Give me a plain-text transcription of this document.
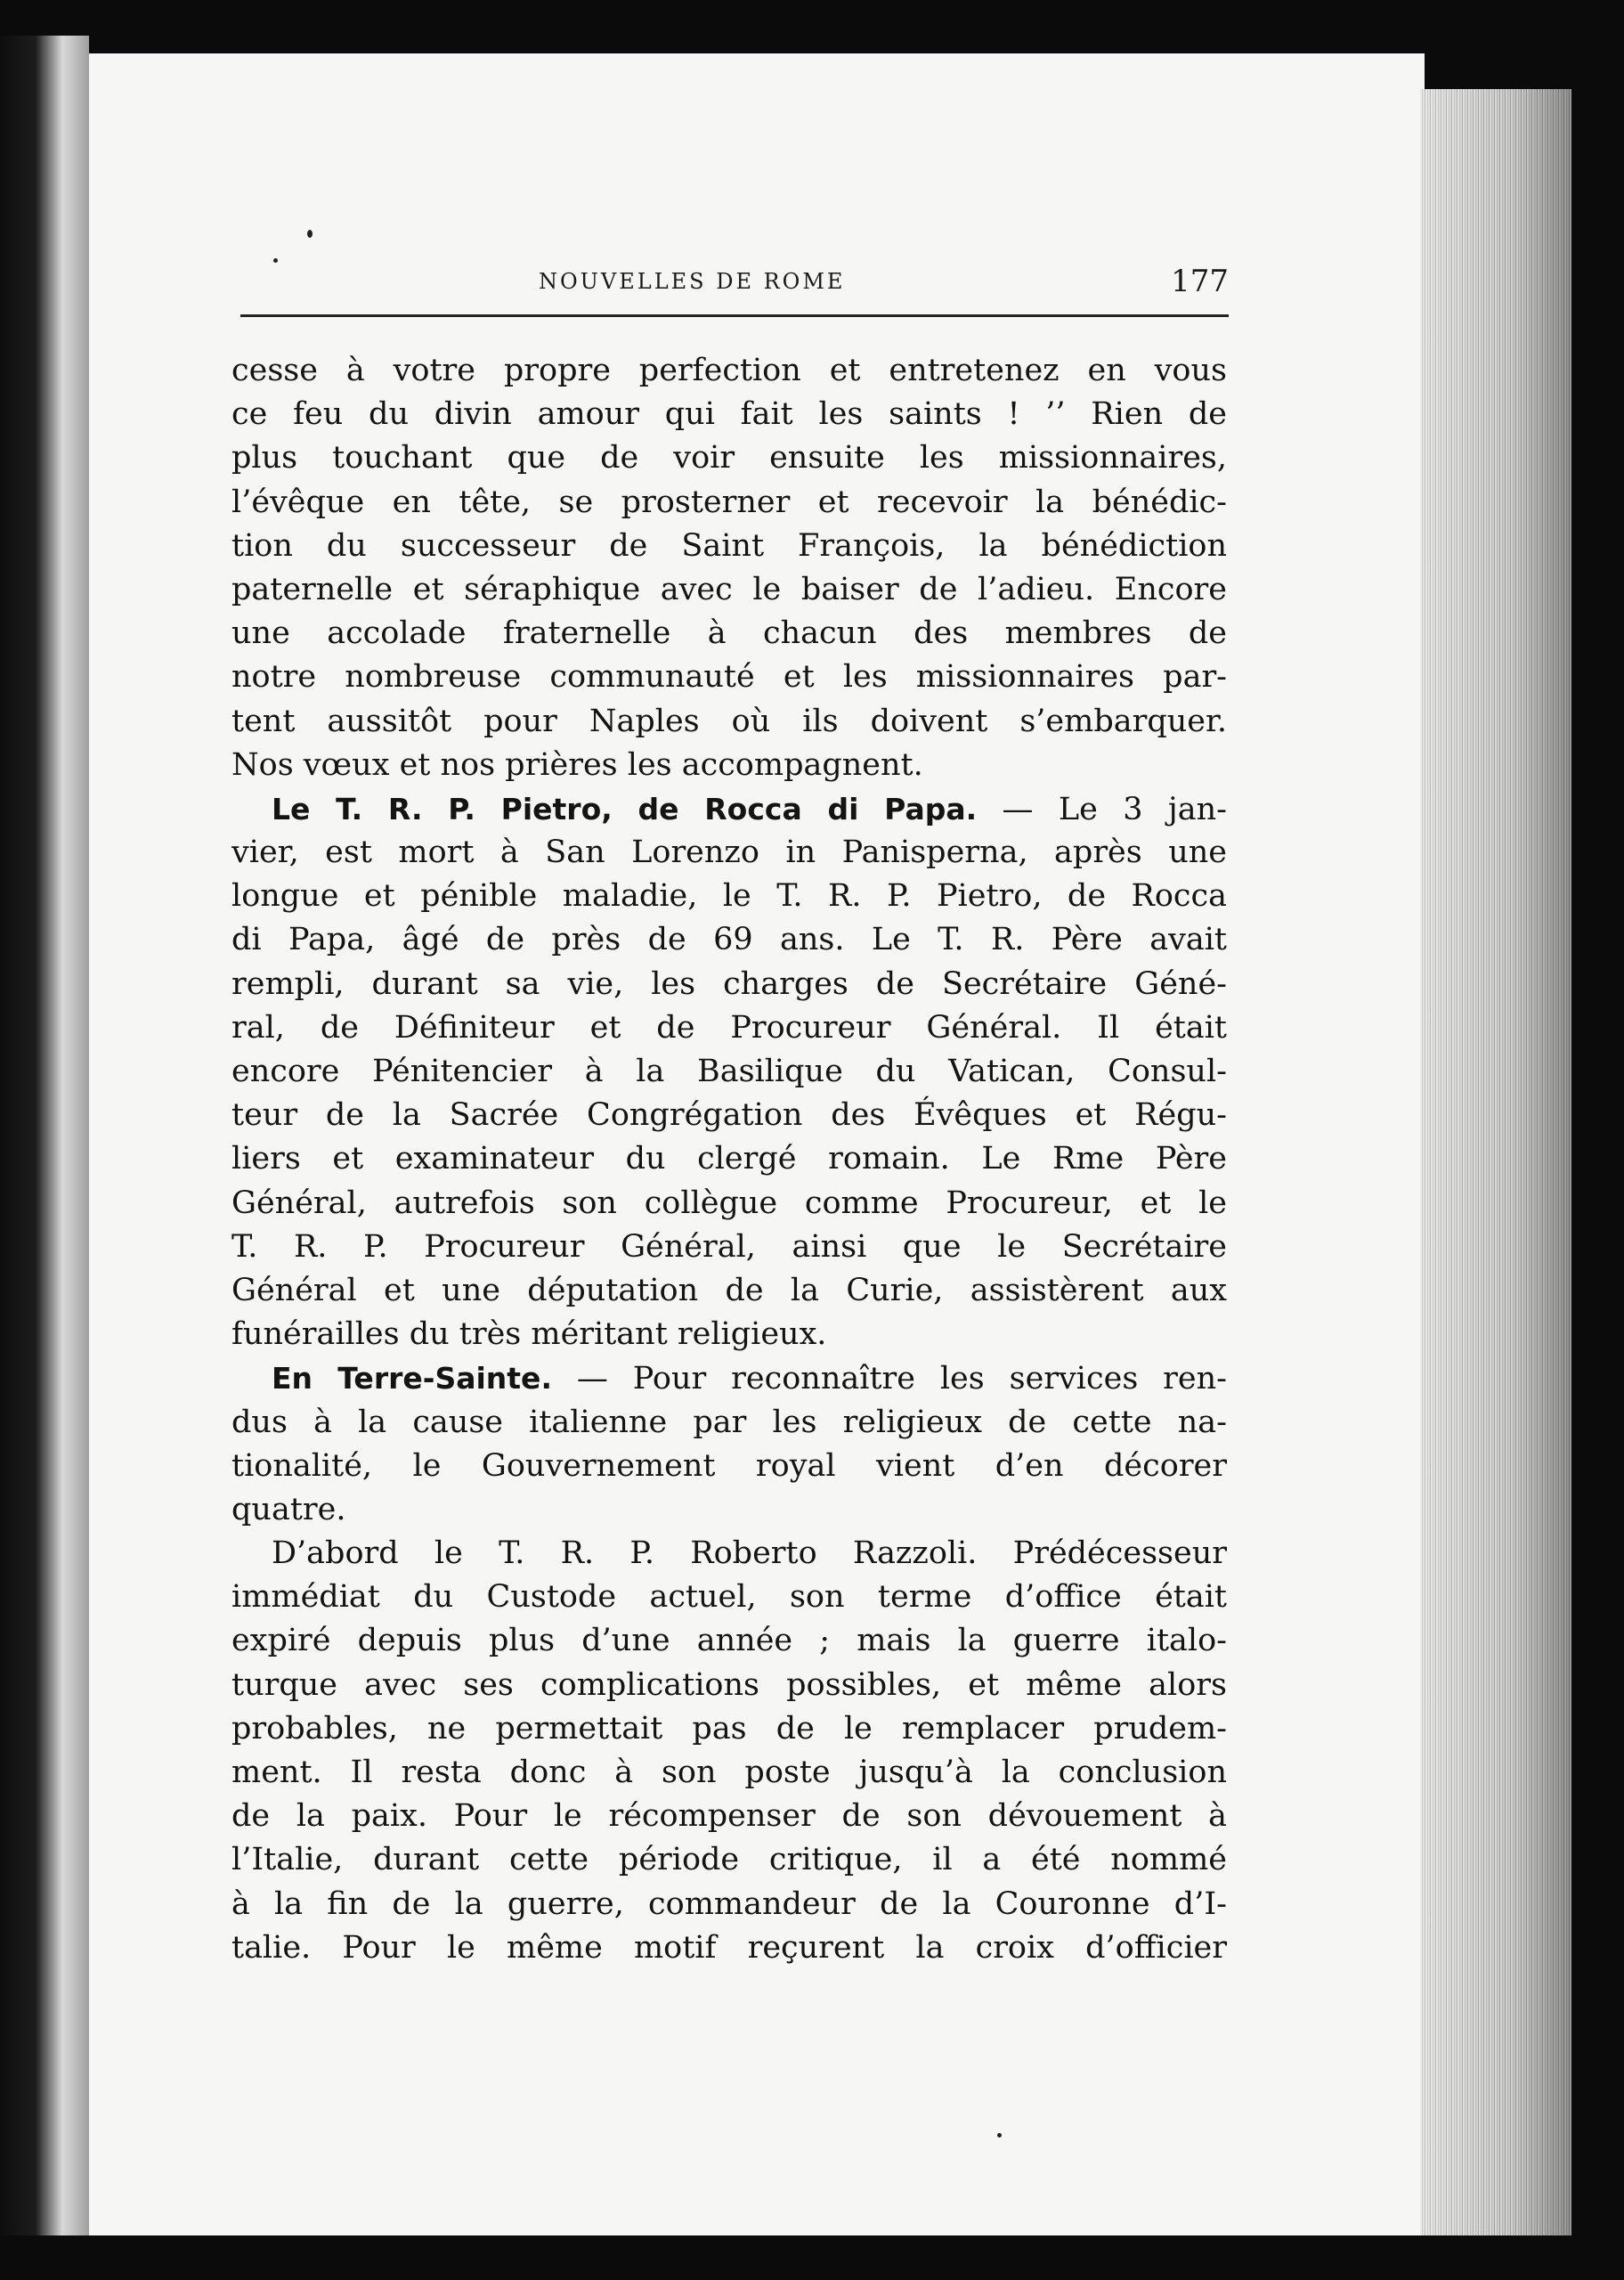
NOUVELLES DE ROME	177
cesse à votre propre perfection et entretenez en vous
ce feu du divin amour qui fait les saints ! ’’ Rien de
plus touchant que de voir ensuite les missionnaires,
l’évêque en tête, se prosterner et recevoir la bénédic-
tion du successeur de Saint François, la bénédiction
paternelle et séraphique avec le baiser de l’adieu. Encore
une accolade fraternelle à chacun des membres de
notre nombreuse communauté et les missionnaires par-
tent aussitôt pour Naples où ils doivent s’embarquer.
Nos vœux et nos prières les accompagnent.
Le T. R. P. Pietro, de Rocca di Papa. — Le 3 jan-
vier, est mort à San Lorenzo in Panisperna, après une
longue et pénible maladie, le T. R. P. Pietro, de Rocca
di Papa, âgé de près de 69 ans. Le T. R. Père avait
rempli, durant sa vie, les charges de Secrétaire Géné-
ral, de Définiteur et de Procureur Général. Il était
encore Pénitencier à la Basilique du Vatican, Consul-
teur de la Sacrée Congrégation des Évêques et Régu-
liers et examinateur du clergé romain. Le Rme Père
Général, autrefois son collègue comme Procureur, et le
T. R. P. Procureur Général, ainsi que le Secrétaire
Général et une députation de la Curie, assistèrent aux
funérailles du très méritant religieux.
En Terre-Sainte. — Pour reconnaître les services ren-
dus à la cause italienne par les religieux de cette na-
tionalité, le Gouvernement royal vient d’en décorer
quatre.
D’abord le T. R. P. Roberto Razzoli. Prédécesseur
immédiat du Custode actuel, son terme d’office était
expiré depuis plus d’une année ; mais la guerre italo-
turque avec ses complications possibles, et même alors
probables, ne permettait pas de le remplacer prudem-
ment. Il resta donc à son poste jusqu’à la conclusion
de la paix. Pour le récompenser de son dévouement à
l’Italie, durant cette période critique, il a été nommé
à la fin de la guerre, commandeur de la Couronne d’I-
talie. Pour le même motif reçurent la croix d’officier
